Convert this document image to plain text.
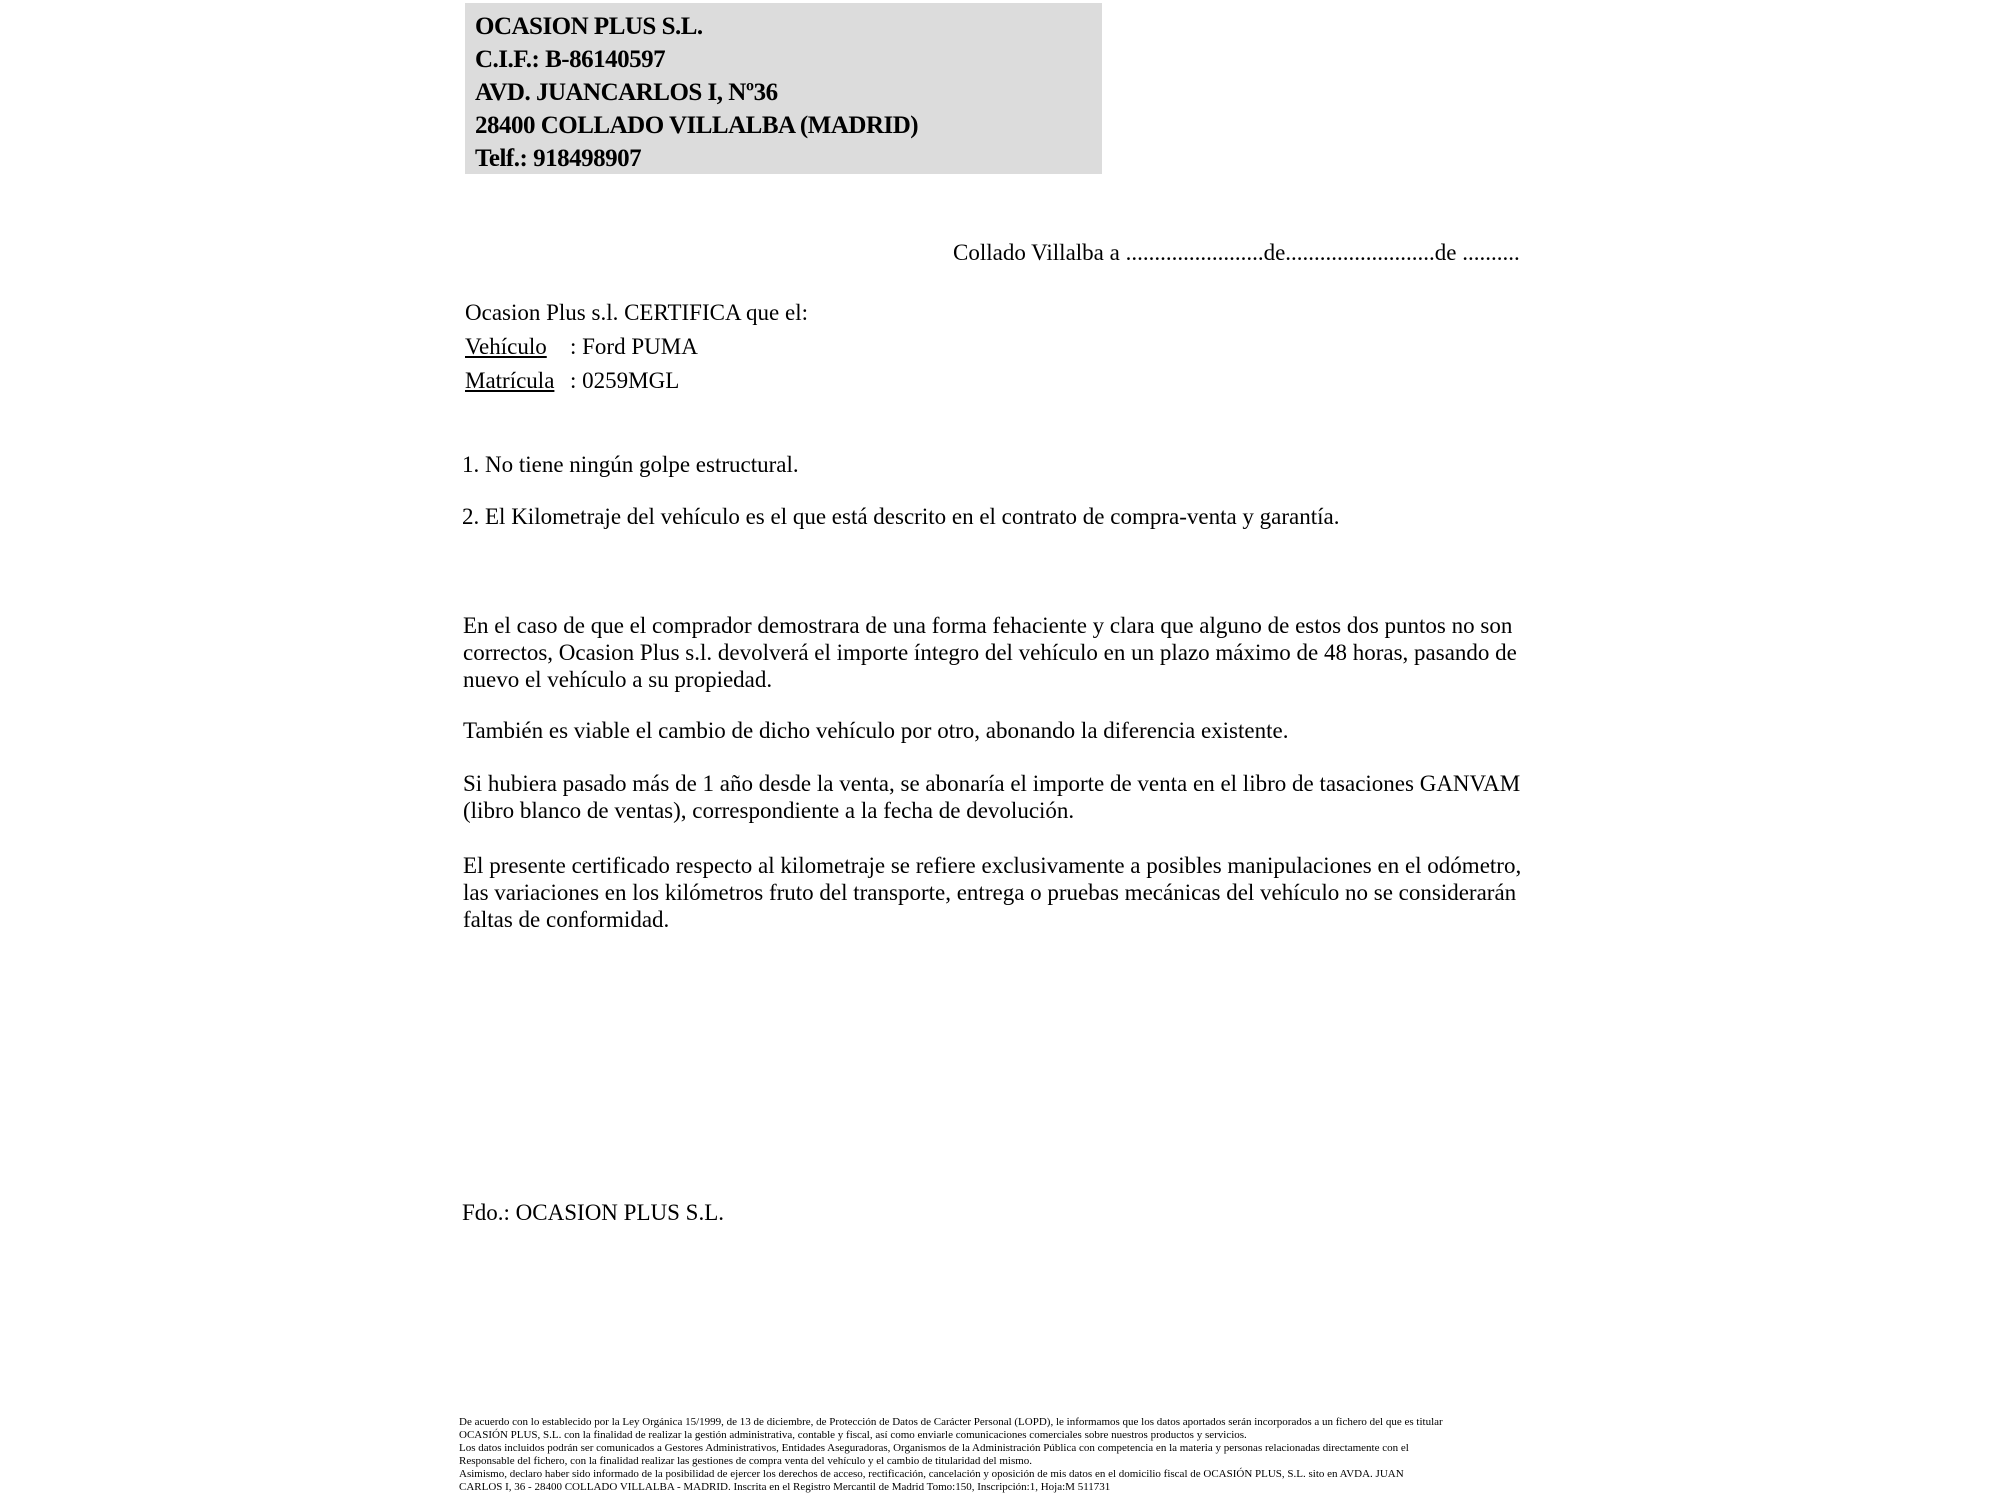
OCASION PLUS S.L.
C.I.F.: B-86140597
AVD. JUANCARLOS I, Nº36
28400 COLLADO VILLALBA (MADRID)
Telf.: 918498907
Collado Villalba a ........................de..........................de ..........
Ocasion Plus s.l. CERTIFICA que el:
Vehículo : Ford PUMA
Matrícula : 0259MGL
1. No tiene ningún golpe estructural.
2. El Kilometraje del vehículo es el que está descrito en el contrato de compra-venta y garantía.
En el caso de que el comprador demostrara de una forma fehaciente y clara que alguno de estos dos puntos no son correctos, Ocasion Plus s.l. devolverá el importe íntegro del vehículo en un plazo máximo de 48 horas, pasando de nuevo el vehículo a su propiedad.
También es viable el cambio de dicho vehículo por otro, abonando la diferencia existente.
Si hubiera pasado más de 1 año desde la venta, se abonaría el importe de venta en el libro de tasaciones GANVAM (libro blanco de ventas), correspondiente a la fecha de devolución.
El presente certificado respecto al kilometraje se refiere exclusivamente a posibles manipulaciones en el odómetro, las variaciones en los kilómetros fruto del transporte, entrega o pruebas mecánicas del vehículo no se considerarán faltas de conformidad.
Fdo.: OCASION PLUS S.L.
De acuerdo con lo establecido por la Ley Orgánica 15/1999, de 13 de diciembre, de Protección de Datos de Carácter Personal (LOPD), le informamos que los datos aportados serán incorporados a un fichero del que es titular
OCASIÓN PLUS, S.L. con la finalidad de realizar la gestión administrativa, contable y fiscal, así como enviarle comunicaciones comerciales sobre nuestros productos y servicios.
Los datos incluidos podrán ser comunicados a Gestores Administrativos, Entidades Aseguradoras, Organismos de la Administración Pública con competencia en la materia y personas relacionadas directamente con el
Responsable del fichero, con la finalidad realizar las gestiones de compra venta del vehículo y el cambio de titularidad del mismo.
Asimismo, declaro haber sido informado de la posibilidad de ejercer los derechos de acceso, rectificación, cancelación y oposición de mis datos en el domicilio fiscal de OCASIÓN PLUS, S.L. sito en AVDA. JUAN
CARLOS I, 36 - 28400 COLLADO VILLALBA - MADRID. Inscrita en el Registro Mercantil de Madrid Tomo:150, Inscripción:1, Hoja:M 511731
